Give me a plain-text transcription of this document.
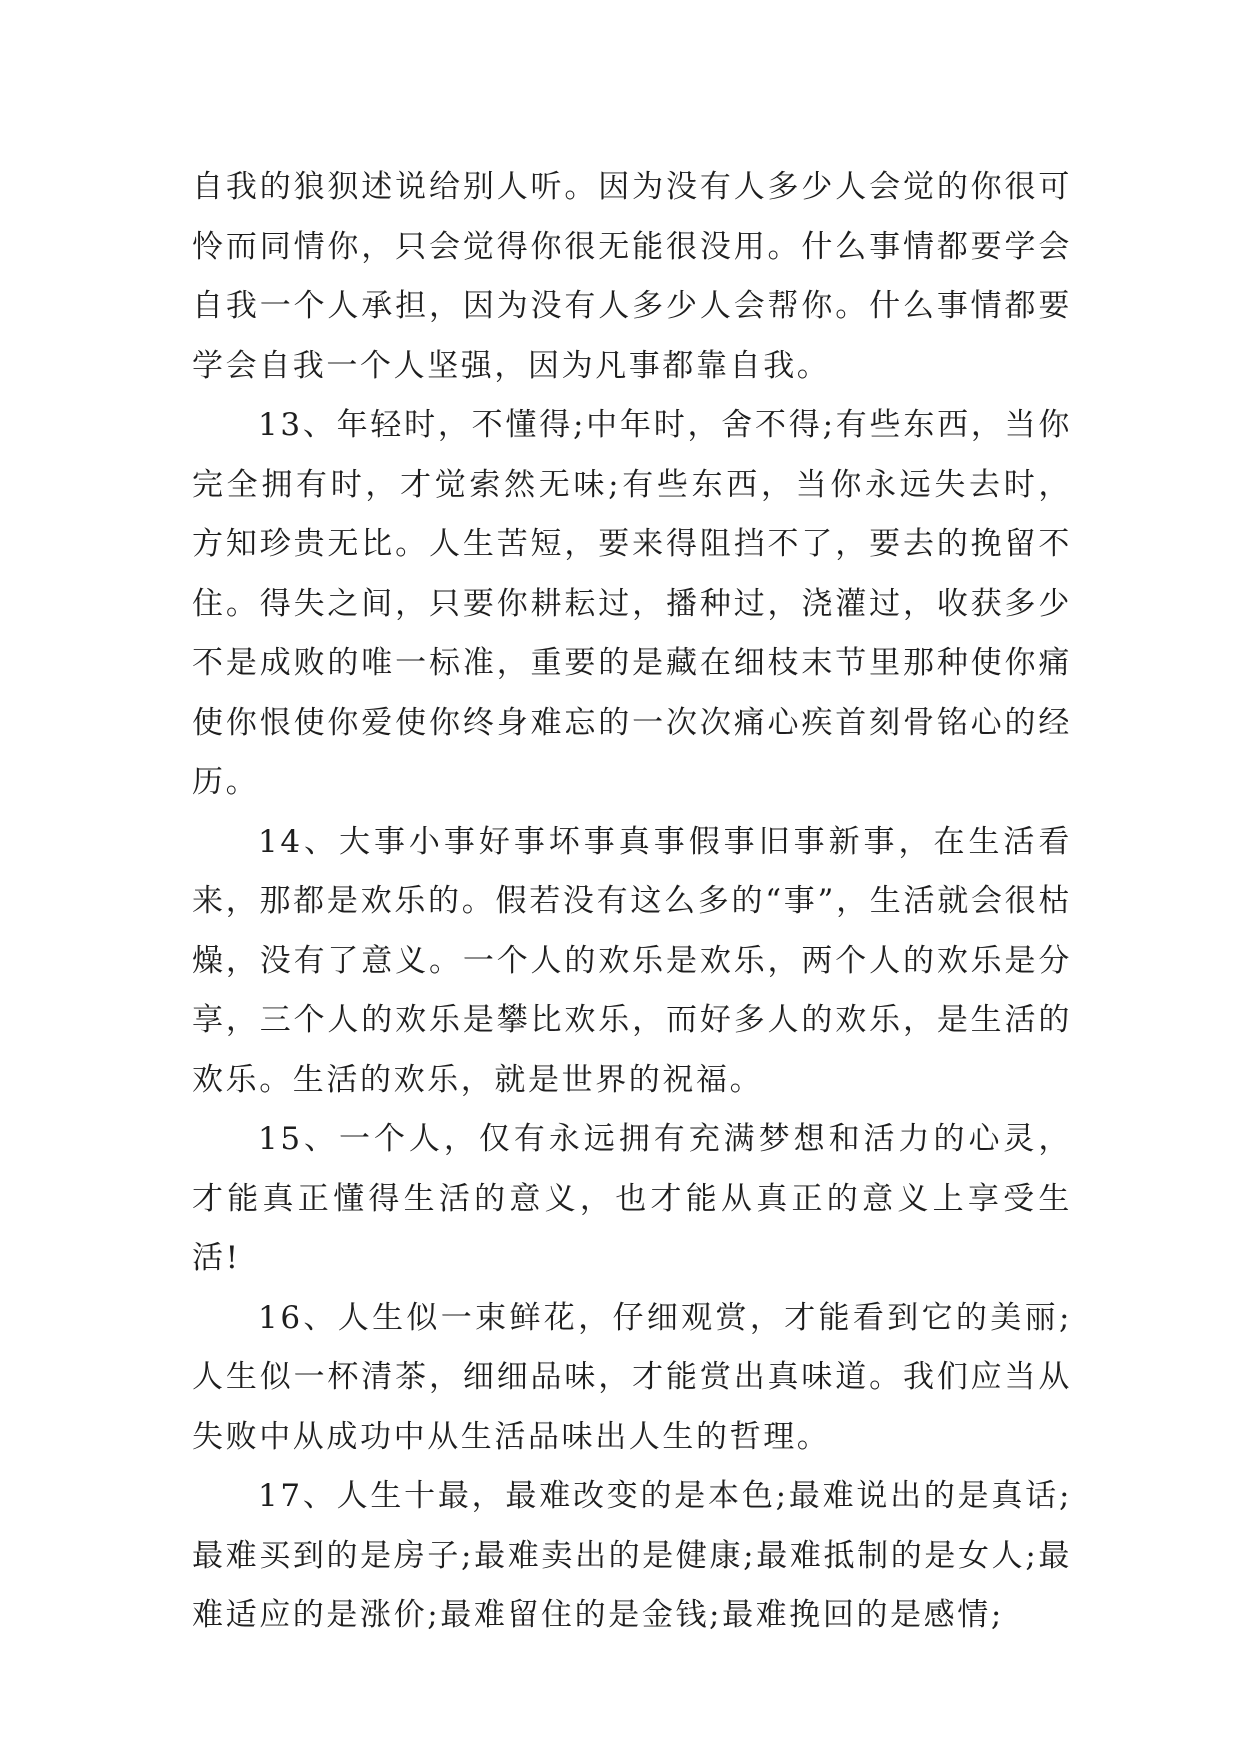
自我的狼狈述说给别人听。因为没有人多少人会觉的你很可怜而同情你，只会觉得你很无能很没用。什么事情都要学会自我一个人承担，因为没有人多少人会帮你。什么事情都要学会自我一个人坚强，因为凡事都靠自我。

13、年轻时，不懂得;中年时，舍不得;有些东西，当你完全拥有时，才觉索然无味;有些东西，当你永远失去时，方知珍贵无比。人生苦短，要来得阻挡不了，要去的挽留不住。得失之间，只要你耕耘过，播种过，浇灌过，收获多少不是成败的唯一标准，重要的是藏在细枝末节里那种使你痛使你恨使你爱使你终身难忘的一次次痛心疾首刻骨铭心的经历。

14、大事小事好事坏事真事假事旧事新事，在生活看来，那都是欢乐的。假若没有这么多的“事”，生活就会很枯燥，没有了意义。一个人的欢乐是欢乐，两个人的欢乐是分享，三个人的欢乐是攀比欢乐，而好多人的欢乐，是生活的欢乐。生活的欢乐，就是世界的祝福。

15、一个人，仅有永远拥有充满梦想和活力的心灵，才能真正懂得生活的意义，也才能从真正的意义上享受生活!

16、人生似一束鲜花，仔细观赏，才能看到它的美丽;人生似一杯清茶，细细品味，才能赏出真味道。我们应当从失败中从成功中从生活品味出人生的哲理。

17、人生十最，最难改变的是本色;最难说出的是真话;最难买到的是房子;最难卖出的是健康;最难抵制的是女人;最难适应的是涨价;最难留住的是金钱;最难挽回的是感情;
